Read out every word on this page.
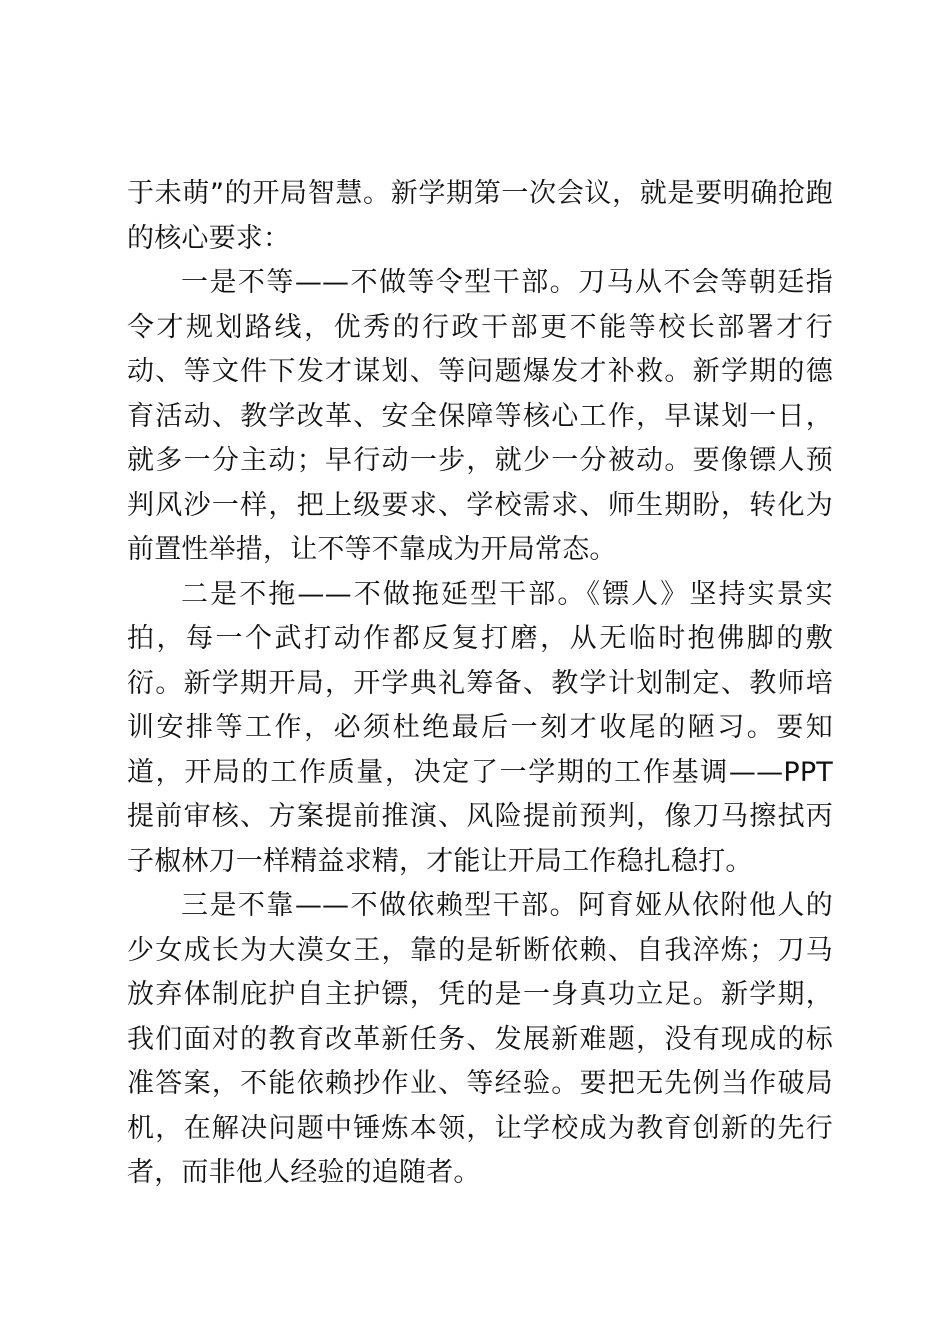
于未萌”的开局智慧。新学期第一次会议，就是要明确抢跑的核心要求：

一是不等——不做等令型干部。刀马从不会等朝廷指令才规划路线，优秀的行政干部更不能等校长部署才行动、等文件下发才谋划、等问题爆发才补救。新学期的德育活动、教学改革、安全保障等核心工作，早谋划一日，就多一分主动；早行动一步，就少一分被动。要像镖人预判风沙一样，把上级要求、学校需求、师生期盼，转化为前置性举措，让不等不靠成为开局常态。

二是不拖——不做拖延型干部。《镖人》坚持实景实拍，每一个武打动作都反复打磨，从无临时抱佛脚的敷衍。新学期开局，开学典礼筹备、教学计划制定、教师培训安排等工作，必须杜绝最后一刻才收尾的陋习。要知道，开局的工作质量，决定了一学期的工作基调——PPT 提前审核、方案提前推演、风险提前预判，像刀马擦拭丙子椒林刀一样精益求精，才能让开局工作稳扎稳打。

三是不靠——不做依赖型干部。阿育娅从依附他人的少女成长为大漠女王，靠的是斩断依赖、自我淬炼；刀马放弃体制庇护自主护镖，凭的是一身真功立足。新学期，我们面对的教育改革新任务、发展新难题，没有现成的标准答案，不能依赖抄作业、等经验。要把无先例当作破局机，在解决问题中锤炼本领，让学校成为教育创新的先行者，而非他人经验的追随者。
